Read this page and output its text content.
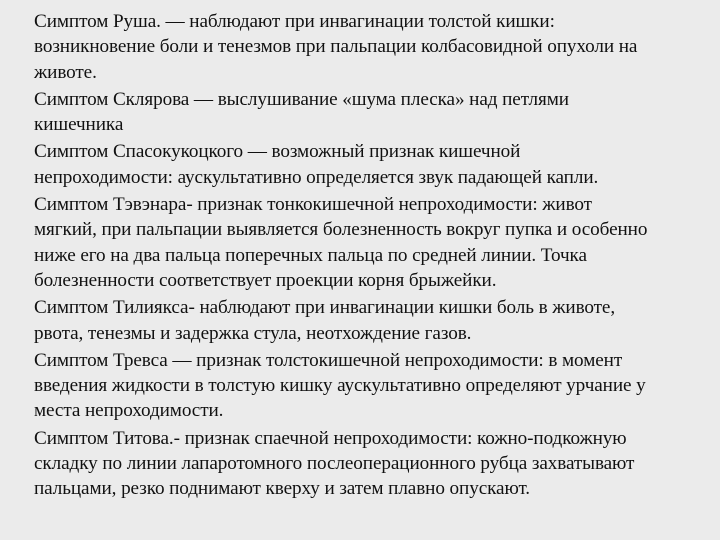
Симптом Руша. — наблюдают при инвагинации толстой кишки:
возникновение боли и тенезмов при пальпации колбасовидной опухоли на
животе.
Симптом Склярова — выслушивание «шума плеска» над петлями
кишечника
Симптом Спасокукоцкого — возможный признак кишечной
непроходимости: аускультативно определяется звук падающей капли.
Симптом Тэвэнара- признак тонкокишечной непроходимости: живот
мягкий, при пальпации выявляется болезненность вокруг пупка и особенно
ниже его на два пальца поперечных пальца по средней линии. Точка
болезненности соответствует проекции корня брыжейки.
Симптом Тилиякса- наблюдают при инвагинации кишки боль в животе,
рвота, тенезмы и задержка стула, неотхождение газов.
Симптом Тревса — признак толстокишечной непроходимости: в момент
введения жидкости в толстую кишку аускультативно определяют урчание у
места непроходимости.
Симптом Титова.- признак спаечной непроходимости: кожно-подкожную
складку по линии лапаротомного послеоперационного рубца захватывают
пальцами, резко поднимают кверху и затем плавно опускают.
